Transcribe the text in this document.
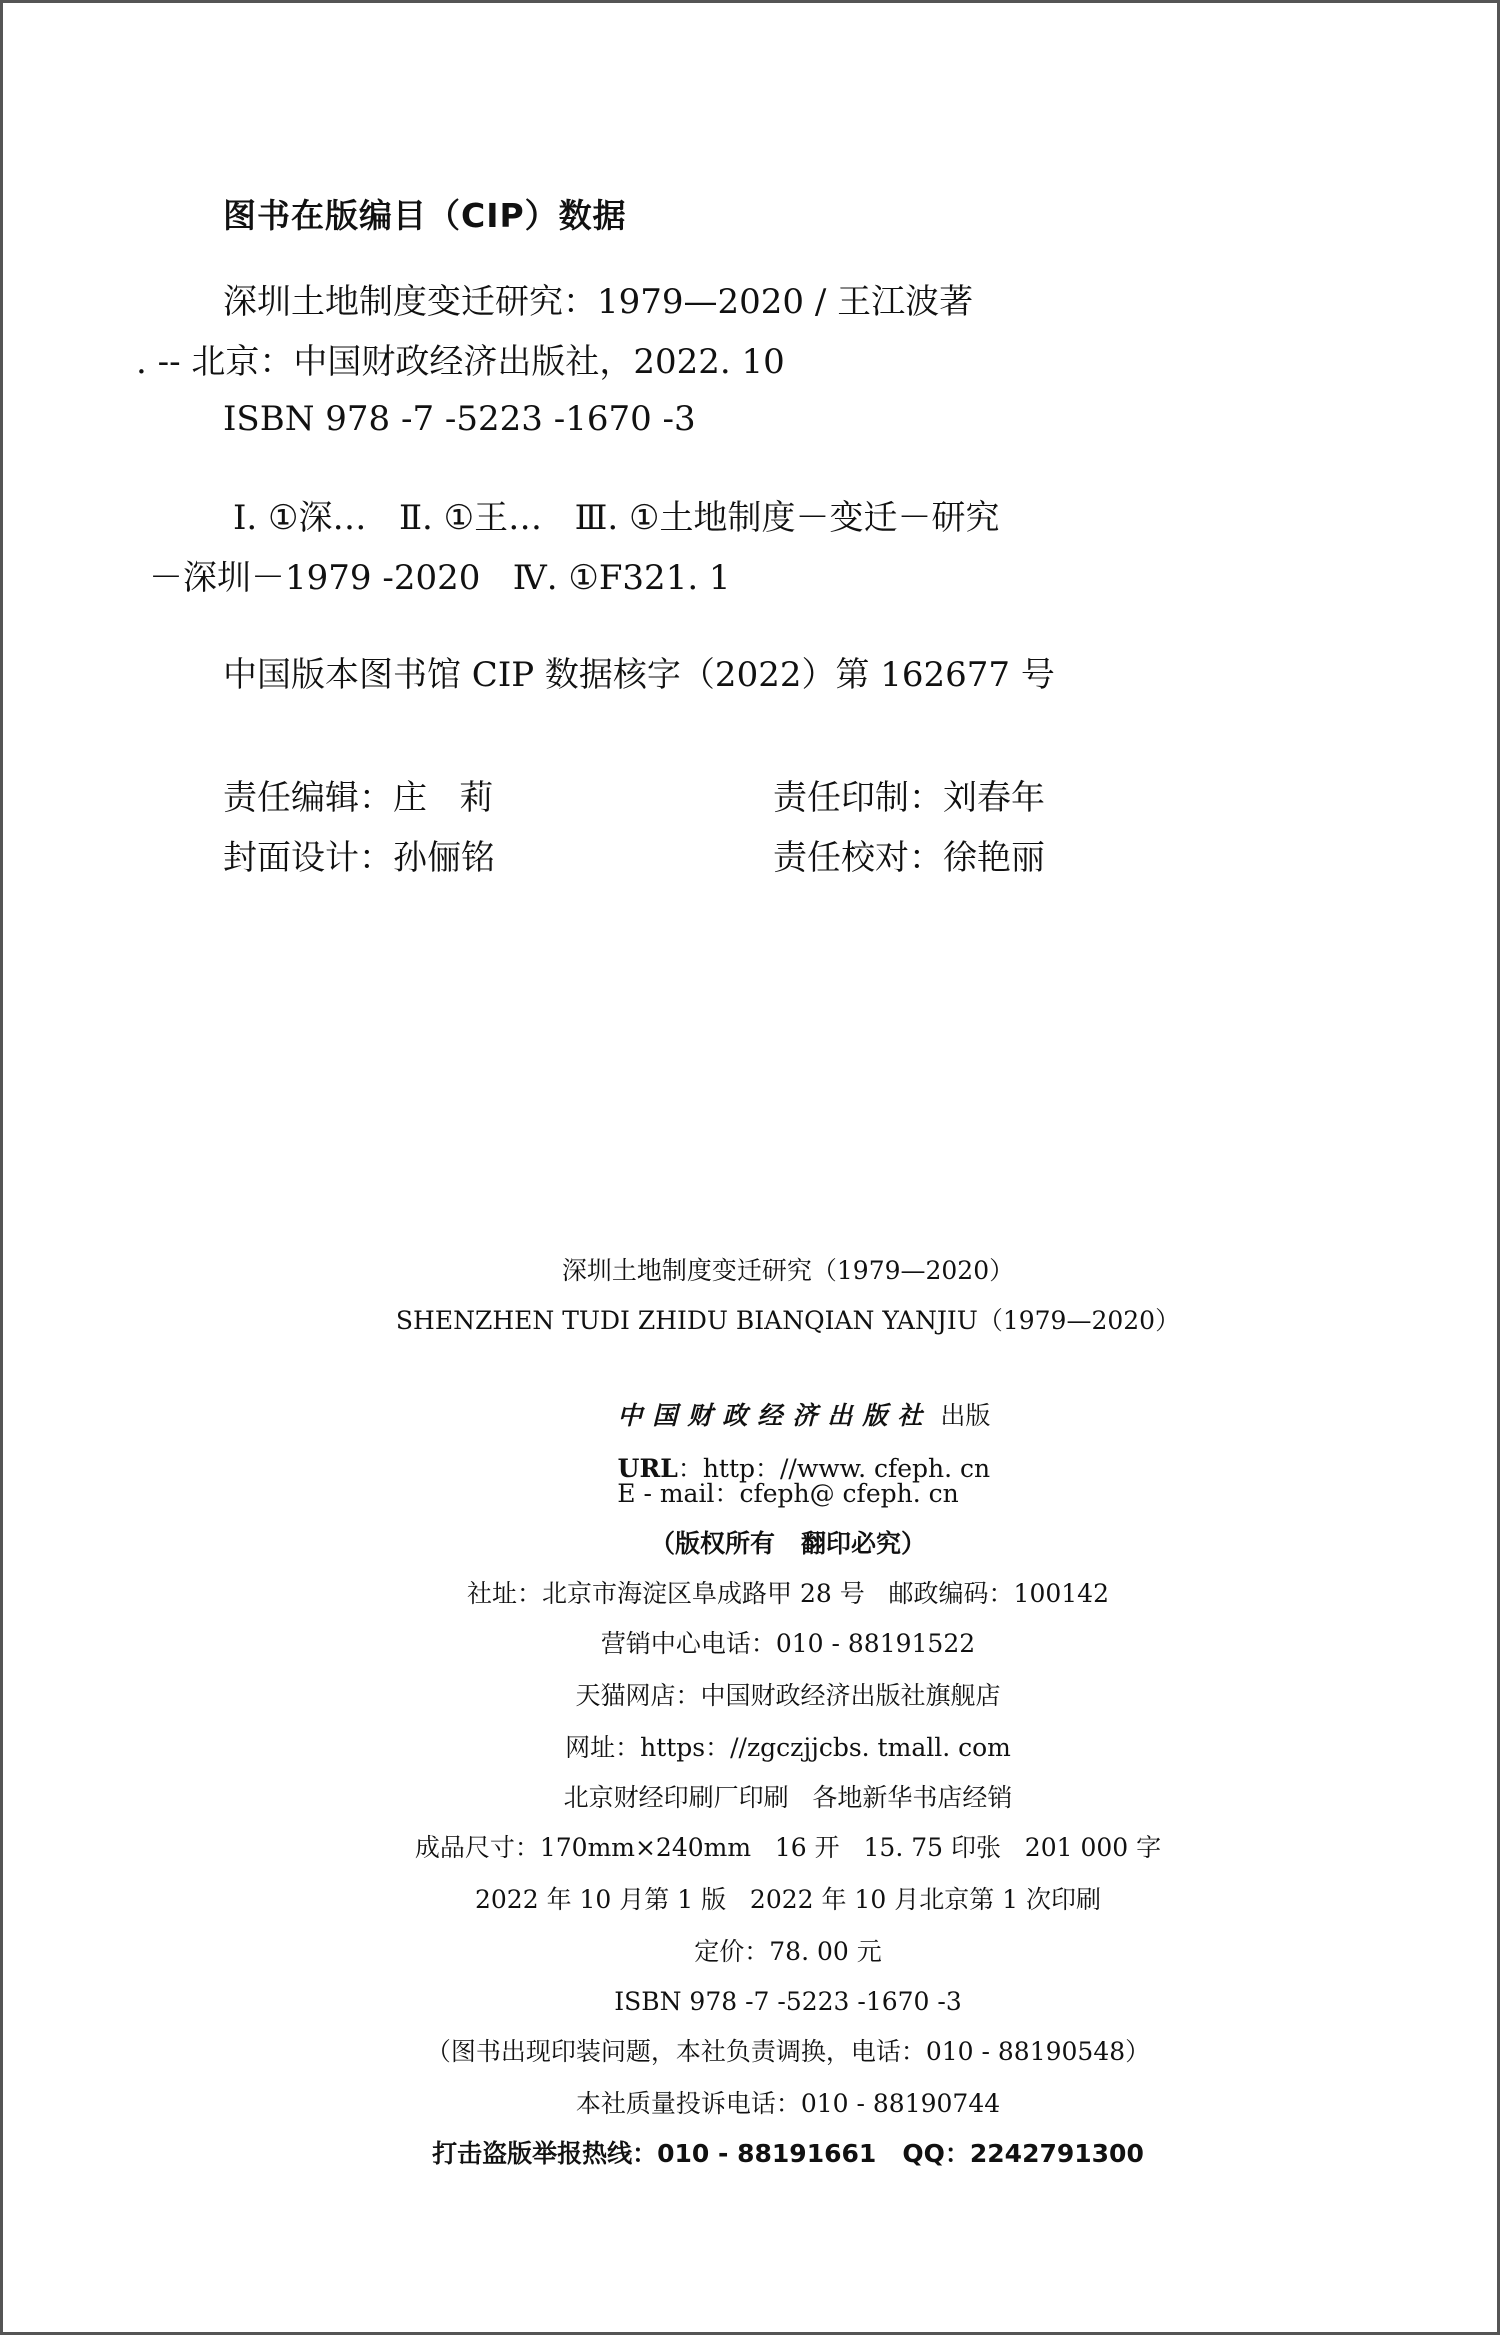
图书在版编目（CIP）数据
深圳土地制度变迁研究：1979—2020 / 王江波著
. -- 北京：中国财政经济出版社，2022. 10
ISBN 978 -7 -5223 -1670 -3
Ⅰ. ①深…   Ⅱ. ①王…   Ⅲ. ①土地制度－变迁－研究
－深圳－1979 -2020   Ⅳ. ①F321. 1
中国版本图书馆 CIP 数据核字（2022）第 162677 号
责任编辑：庄   莉
封面设计：孙俪铭
责任印制：刘春年
责任校对：徐艳丽
深圳土地制度变迁研究（1979—2020）
SHENZHEN TUDI ZHIDU BIANQIAN YANJIU（1979—2020）

中国财政经济出版社 出版

URL：http：//www. cfeph. cn

E - mail：cfeph@ cfeph. cn
（版权所有   翻印必究）
社址：北京市海淀区阜成路甲 28 号   邮政编码：100142
营销中心电话：010 - 88191522
天猫网店：中国财政经济出版社旗舰店
网址：https：//zgczjjcbs. tmall. com
北京财经印刷厂印刷   各地新华书店经销
成品尺寸：170mm×240mm   16 开   15. 75 印张   201 000 字
2022 年 10 月第 1 版   2022 年 10 月北京第 1 次印刷
定价：78. 00 元
ISBN 978 -7 -5223 -1670 -3
（图书出现印装问题，本社负责调换，电话：010 - 88190548）
本社质量投诉电话：010 - 88190744
打击盗版举报热线：010 - 88191661   QQ：2242791300
